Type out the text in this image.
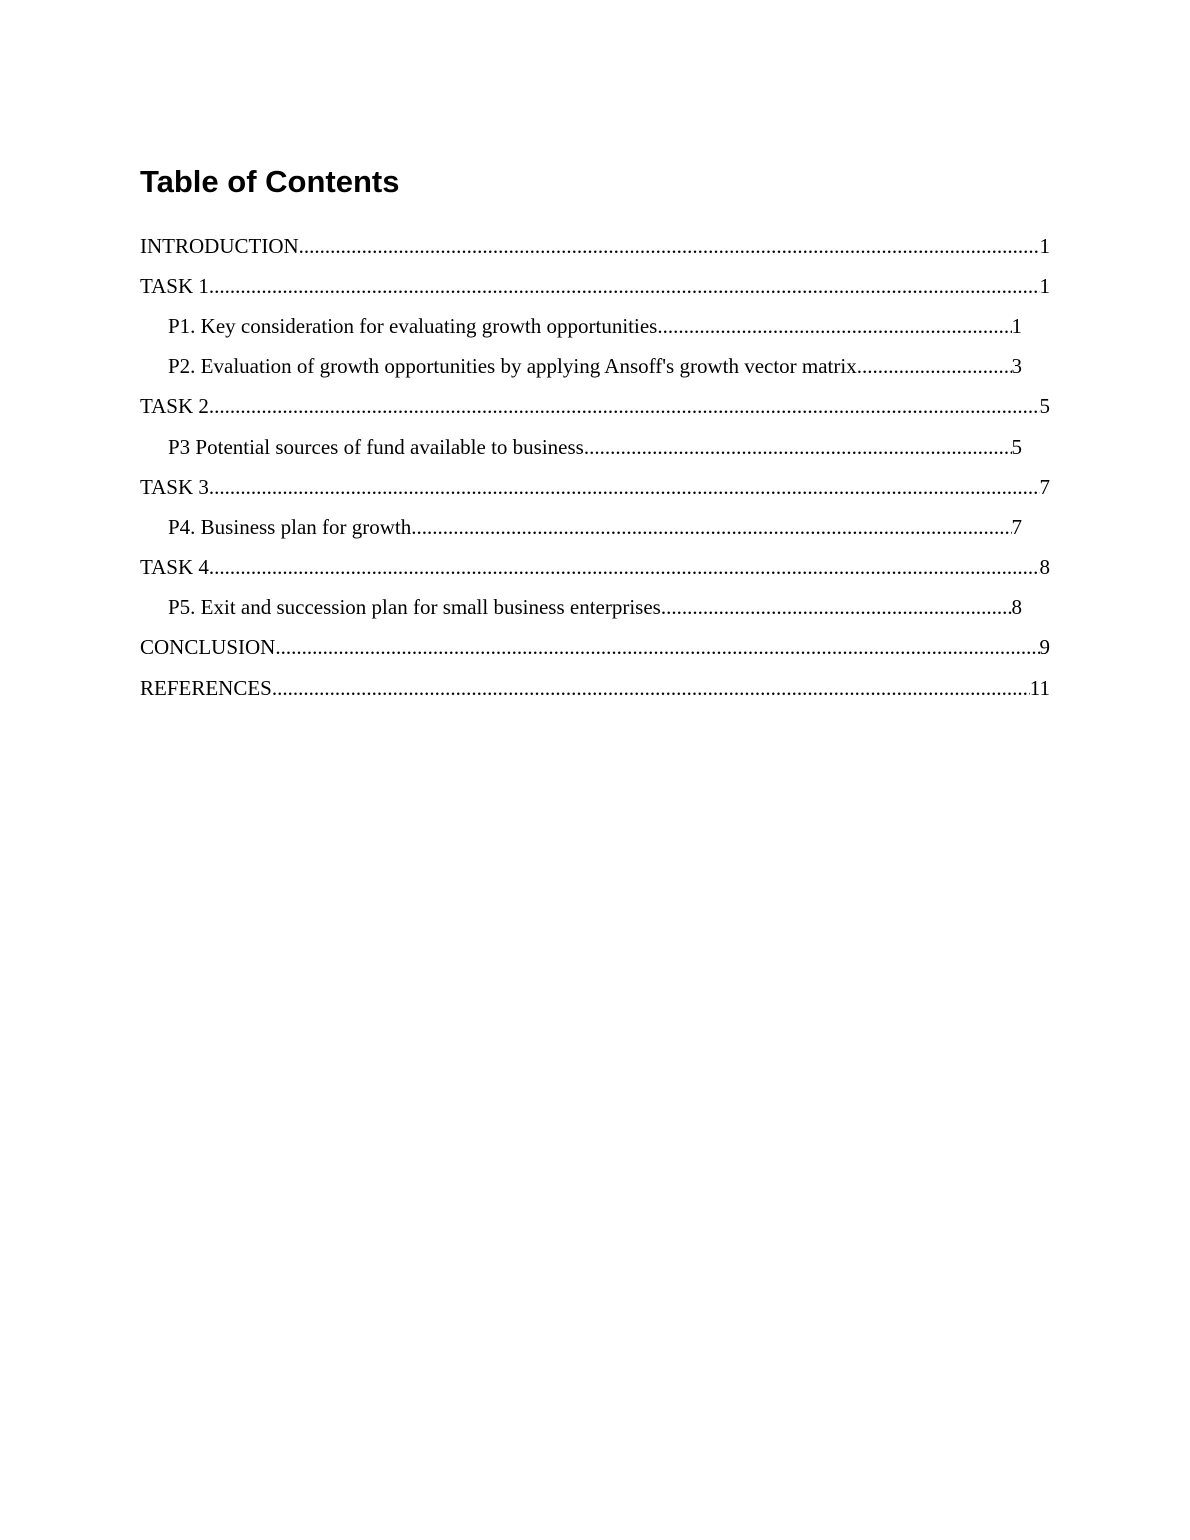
Table of Contents
INTRODUCTION .....	1
TASK 1 .....	1
P1. Key consideration for evaluating growth opportunities .....	1
P2. Evaluation of growth opportunities by applying Ansoff's growth vector matrix .....	3
TASK 2 .....	5
P3 Potential sources of fund available to business .....	5
TASK 3 .....	7
P4. Business plan for growth .....	7
TASK 4 .....	8
P5. Exit and succession plan for small business enterprises .....	8
CONCLUSION .....	9
REFERENCES .....	11
